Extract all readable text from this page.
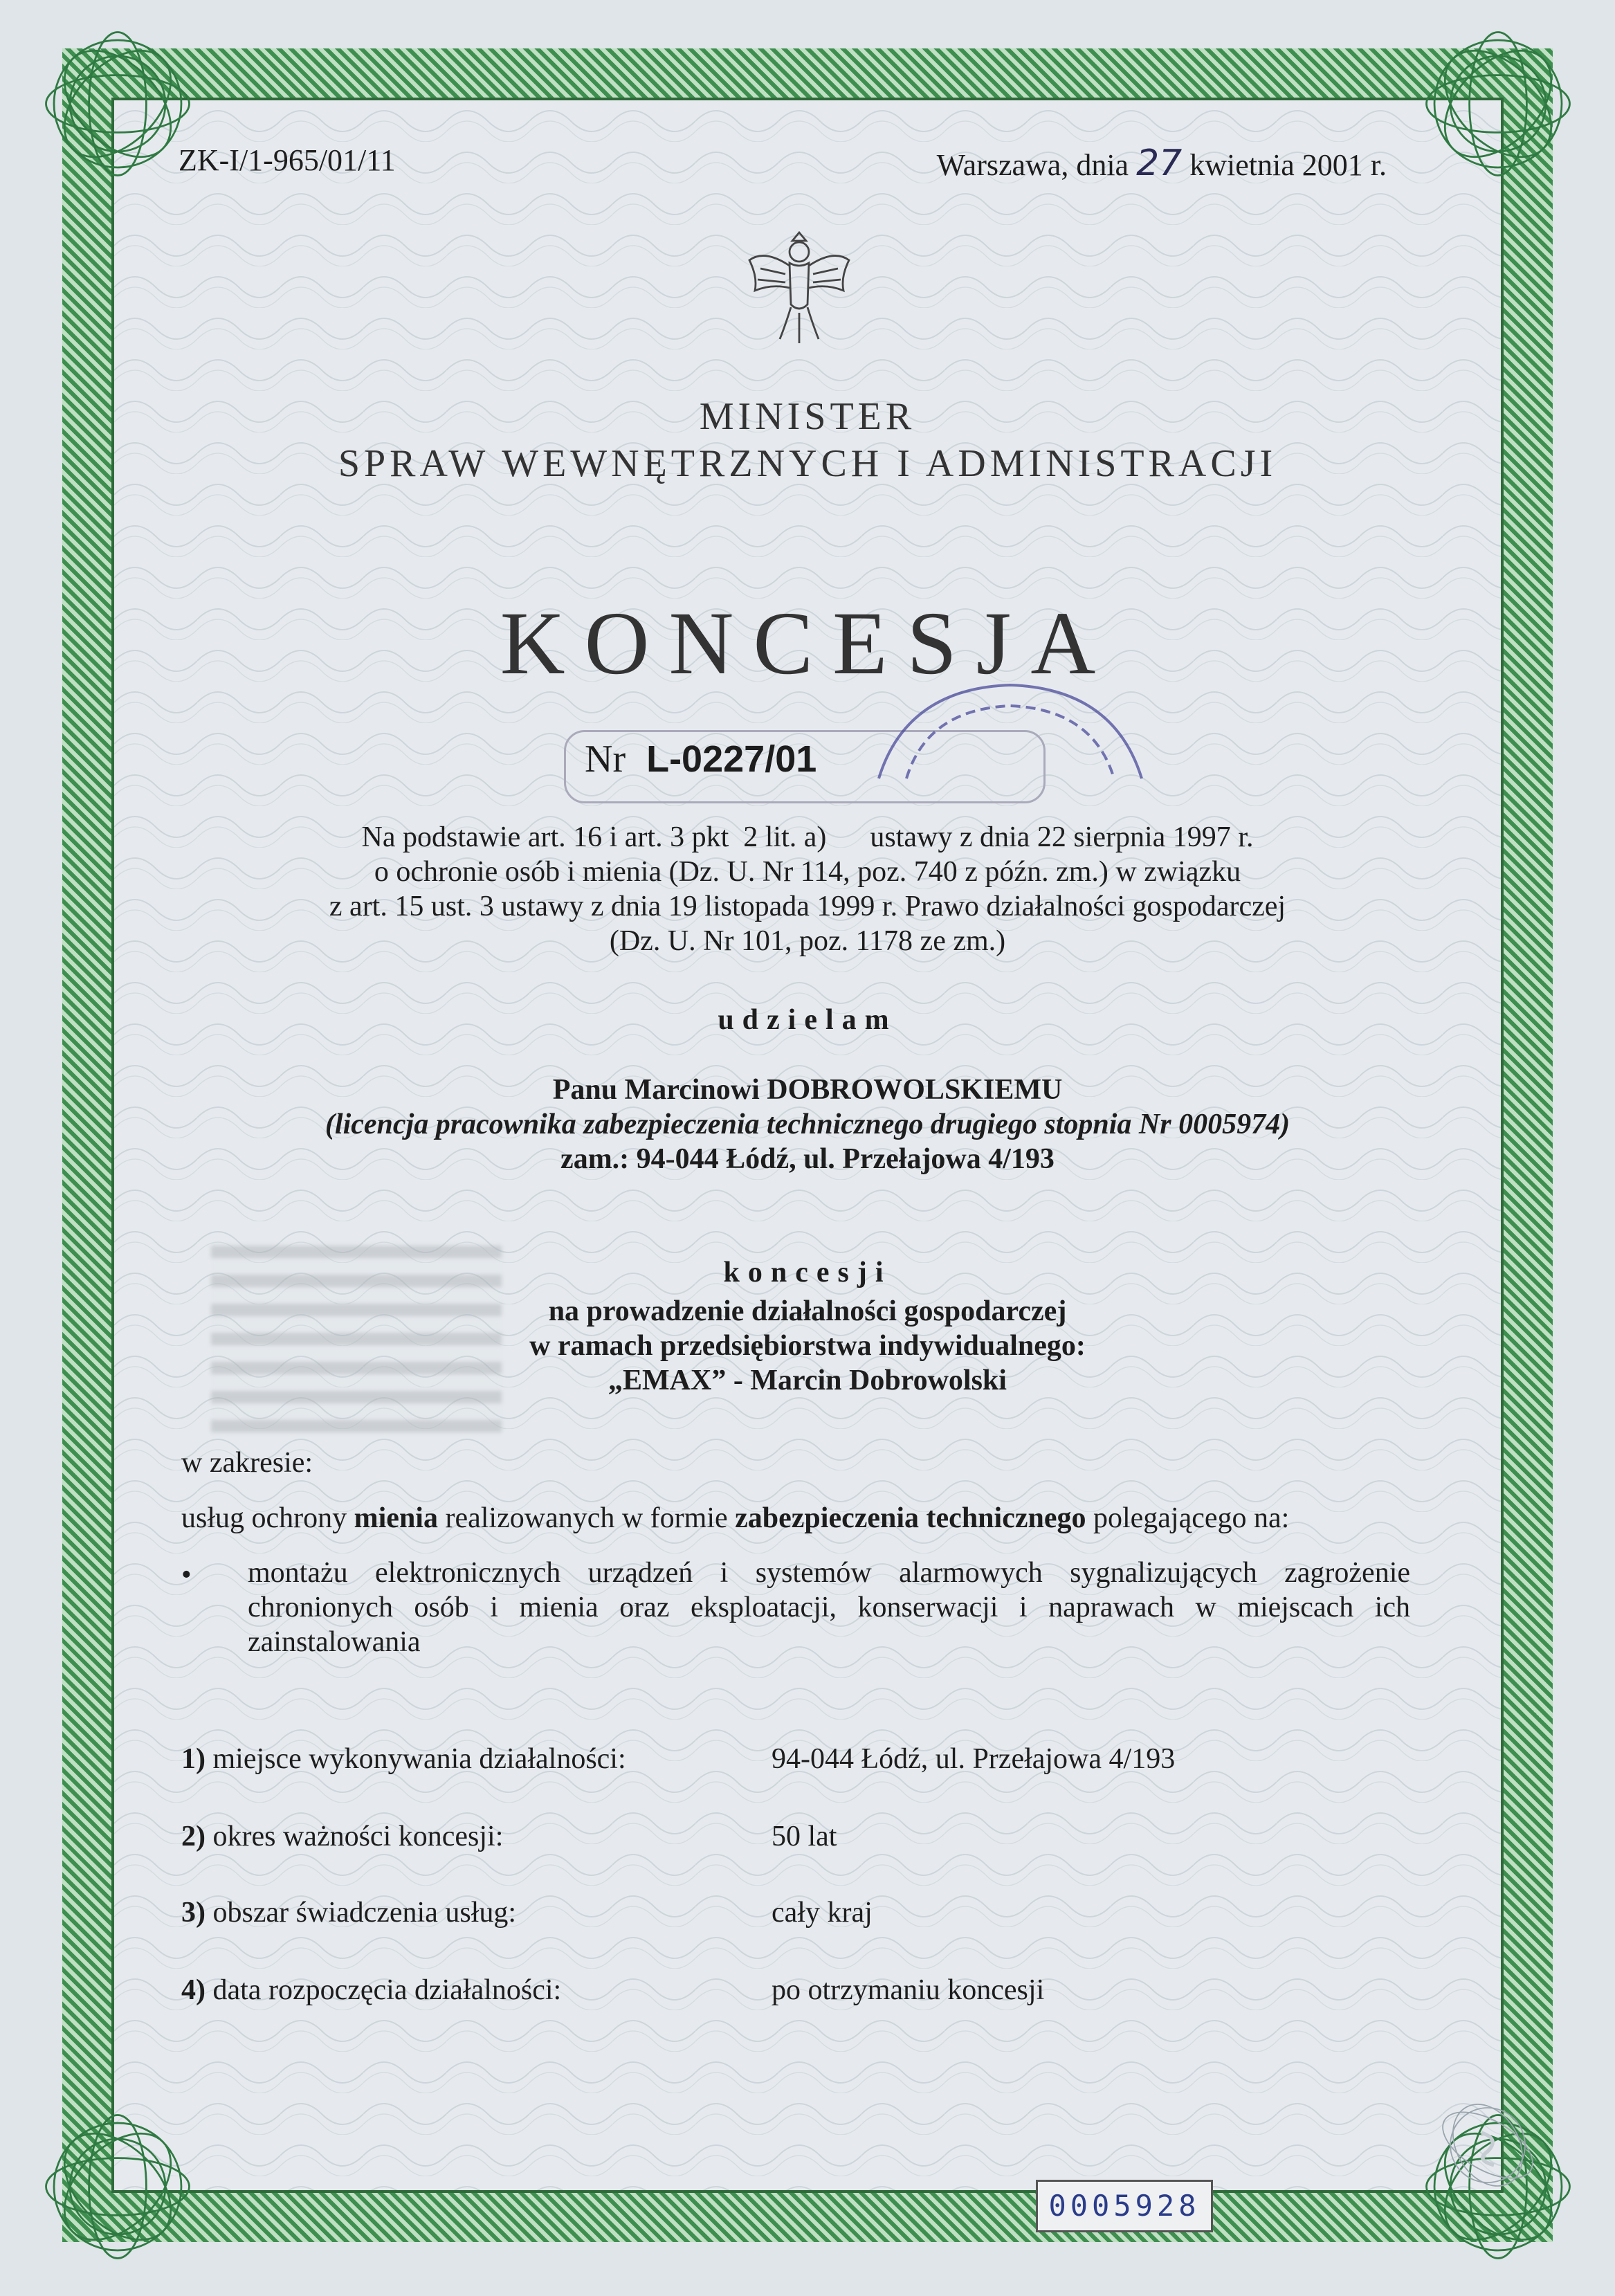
ZK-I/1-965/01/11	Warszawa, dnia 27 kwietnia 2001 r.
MINISTER
SPRAW WEWNĘTRZNYCH I ADMINISTRACJI
KONCESJA
Nr L-0227/01
Na podstawie art. 16 i art. 3 pkt  2 lit. a)      ustawy z dnia 22 sierpnia 1997 r.
o ochronie osób i mienia (Dz. U. Nr 114, poz. 740 z późn. zm.) w związku
z art. 15 ust. 3 ustawy z dnia 19 listopada 1999 r. Prawo działalności gospodarczej
(Dz. U. Nr 101, poz. 1178 ze zm.)
udzielam
Panu Marcinowi DOBROWOLSKIEMU
(licencja pracownika zabezpieczenia technicznego drugiego stopnia Nr 0005974)
zam.: 94-044 Łódź, ul. Przełajowa 4/193
koncesji
na prowadzenie działalności gospodarczej
w ramach przedsiębiorstwa indywidualnego:
„EMAX” - Marcin Dobrowolski
w zakresie:
usług ochrony mienia realizowanych w formie zabezpieczenia technicznego polegającego na:
• montażu elektronicznych urządzeń i systemów alarmowych sygnalizujących zagrożenie chronionych osób i mienia oraz eksploatacji, konserwacji i naprawach w miejscach ich zainstalowania
1) miejsce wykonywania działalności:	94-044 Łódź, ul. Przełajowa 4/193
2) okres ważności koncesji:	50 lat
3) obszar świadczenia usług:	cały kraj
4) data rozpoczęcia działalności:	po otrzymaniu koncesji
0005928
